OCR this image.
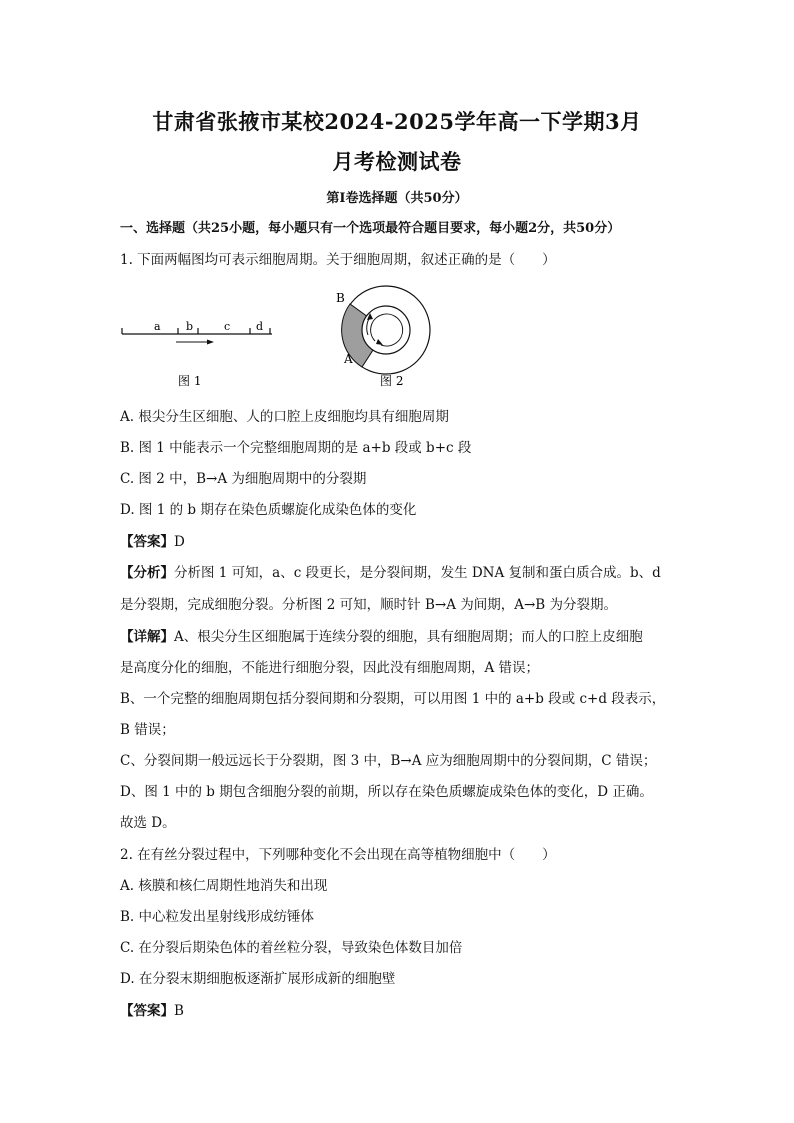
甘肃省张掖市某校2024-2025学年高一下学期3月
月考检测试卷
第I卷选择题（共50分）
一、选择题（共25小题，每小题只有一个选项最符合题目要求，每小题2分，共50分）
1. 下面两幅图均可表示细胞周期。关于细胞周期，叙述正确的是（　　）
a b	c d
图 1
B
A
图 2
A. 根尖分生区细胞、人的口腔上皮细胞均具有细胞周期
B. 图 1 中能表示一个完整细胞周期的是 a+b 段或 b+c 段
C. 图 2 中，B→A 为细胞周期中的分裂期
D. 图 1 的 b 期存在染色质螺旋化成染色体的变化
【答案】D
【分析】分析图 1 可知，a、c 段更长，是分裂间期，发生 DNA 复制和蛋白质合成。b、d
是分裂期，完成细胞分裂。分析图 2 可知，顺时针 B→A 为间期，A→B 为分裂期。
【详解】A、根尖分生区细胞属于连续分裂的细胞，具有细胞周期；而人的口腔上皮细胞
是高度分化的细胞，不能进行细胞分裂，因此没有细胞周期，A 错误；
B、一个完整的细胞周期包括分裂间期和分裂期，可以用图 1 中的 a+b 段或 c+d 段表示，
B 错误；
C、分裂间期一般远远长于分裂期，图 3 中，B→A 应为细胞周期中的分裂间期，C 错误；
D、图 1 中的 b 期包含细胞分裂的前期，所以存在染色质螺旋成染色体的变化，D 正确。
故选 D。
2. 在有丝分裂过程中，下列哪种变化不会出现在高等植物细胞中（　　）
A. 核膜和核仁周期性地消失和出现
B. 中心粒发出星射线形成纺锤体
C. 在分裂后期染色体的着丝粒分裂，导致染色体数目加倍
D. 在分裂末期细胞板逐渐扩展形成新的细胞壁
【答案】B
